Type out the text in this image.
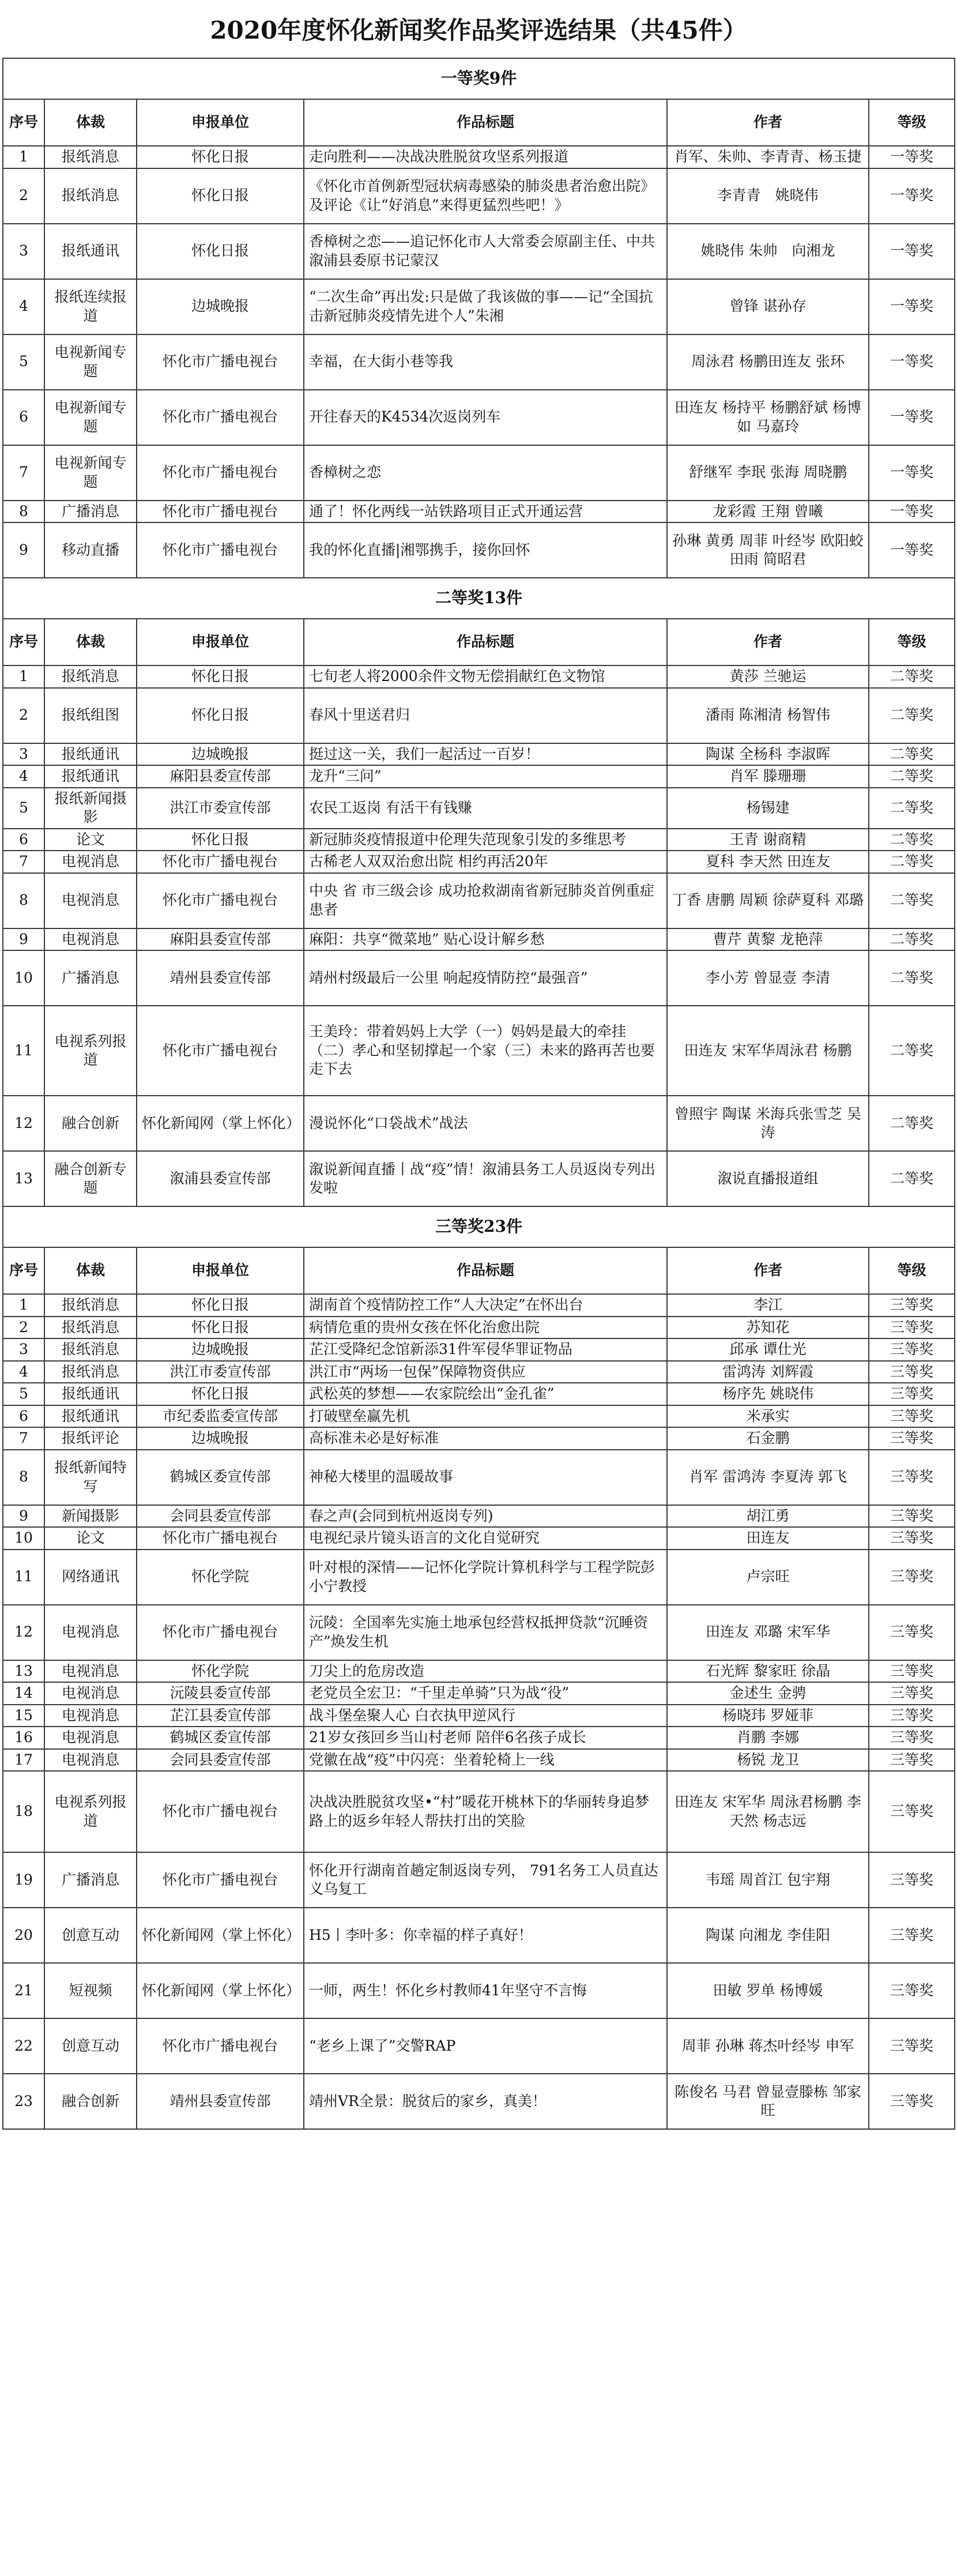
2020年度怀化新闻奖作品奖评选结果（共45件）
一等奖9件					
序号	体裁	申报单位	作品标题	作者	等级
1	报纸消息	怀化日报	走向胜利——决战决胜脱贫攻坚系列报道	肖军、朱帅、李青青、杨玉捷	一等奖
2	报纸消息	怀化日报	《怀化市首例新型冠状病毒感染的肺炎患者治愈出院》及评论《让“好消息”来得更猛烈些吧！》	李青青　姚晓伟	一等奖
3	报纸通讯	怀化日报	香樟树之恋——追记怀化市人大常委会原副主任、中共溆浦县委原书记蒙汉	姚晓伟 朱帅　向湘龙	一等奖
4	报纸连续报道	边城晚报	“二次生命”再出发:只是做了我该做的事——记“全国抗击新冠肺炎疫情先进个人”朱湘	曾锋 谌孙存	一等奖
5	电视新闻专题	怀化市广播电视台	幸福，在大街小巷等我	周泳君 杨鹏田连友 张环	一等奖
6	电视新闻专题	怀化市广播电视台	开往春天的K4534次返岗列车	田连友 杨持平 杨鹏舒斌 杨博如 马嘉玲	一等奖
7	电视新闻专题	怀化市广播电视台	香樟树之恋	舒继军 李珉 张海 周晓鹏	一等奖
8	广播消息	怀化市广播电视台	通了！怀化两线一站铁路项目正式开通运营	龙彩霞 王翔 曾曦	一等奖
9	移动直播	怀化市广播电视台	我的怀化直播|湘鄂携手，接你回怀	孙琳 黄勇 周菲 叶经岑 欧阳蛟 田雨 简昭君	一等奖
二等奖13件					
序号	体裁	申报单位	作品标题	作者	等级
1	报纸消息	怀化日报	七旬老人将2000余件文物无偿捐献红色文物馆	黄莎 兰驰运	二等奖
2	报纸组图	怀化日报	春风十里送君归	潘雨 陈湘清 杨智伟	二等奖
3	报纸通讯	边城晚报	挺过这一关，我们一起活过一百岁！	陶谋 全杨科 李淑晖	二等奖
4	报纸通讯	麻阳县委宣传部	龙升“三问”	肖军 滕珊珊	二等奖
5	报纸新闻摄影	洪江市委宣传部	农民工返岗 有活干有钱赚	杨锡建	二等奖
6	论文	怀化日报	新冠肺炎疫情报道中伦理失范现象引发的多维思考	王青 谢商精	二等奖
7	电视消息	怀化市广播电视台	古稀老人双双治愈出院 相约再活20年	夏科 李天然 田连友	二等奖
8	电视消息	怀化市广播电视台	中央 省 市三级会诊 成功抢救湖南省新冠肺炎首例重症患者	丁香 唐鹏 周颖 徐萨夏科 邓璐	二等奖
9	电视消息	麻阳县委宣传部	麻阳：共享“微菜地” 贴心设计解乡愁	曹芹 黄黎 龙艳萍	二等奖
10	广播消息	靖州县委宣传部	靖州村级最后一公里 响起疫情防控“最强音”	李小芳 曾显壹 李清	二等奖
11	电视系列报道	怀化市广播电视台	王美玲：带着妈妈上大学（一）妈妈是最大的牵挂（二）孝心和坚韧撑起一个家（三）未来的路再苦也要走下去	田连友 宋军华周泳君 杨鹏	二等奖
12	融合创新	怀化新闻网（掌上怀化）	漫说怀化“口袋战术”战法	曾照宇 陶谋 米海兵张雪芝 吴涛	二等奖
13	融合创新专题	溆浦县委宣传部	溆说新闻直播丨战“疫”情！溆浦县务工人员返岗专列出发啦	溆说直播报道组	二等奖
三等奖23件					
序号	体裁	申报单位	作品标题	作者	等级
1	报纸消息	怀化日报	湖南首个疫情防控工作“人大决定”在怀出台	李江	三等奖
2	报纸消息	怀化日报	病情危重的贵州女孩在怀化治愈出院	苏知花	三等奖
3	报纸消息	边城晚报	芷江受降纪念馆新添31件军侵华罪证物品	邱承 谭仕光	三等奖
4	报纸消息	洪江市委宣传部	洪江市“两场一包保”保障物资供应	雷鸿涛 刘辉霞	三等奖
5	报纸通讯	怀化日报	武松英的梦想——农家院绘出“金孔雀”	杨序先 姚晓伟	三等奖
6	报纸通讯	市纪委监委宣传部	打破壁垒赢先机	米承实	三等奖
7	报纸评论	边城晚报	高标准未必是好标准	石金鹏	三等奖
8	报纸新闻特写	鹤城区委宣传部	神秘大楼里的温暖故事	肖军 雷鸿涛 李夏涛 郭飞	三等奖
9	新闻摄影	会同县委宣传部	春之声(会同到杭州返岗专列)	胡江勇	三等奖
10	论文	怀化市广播电视台	电视纪录片镜头语言的文化自觉研究	田连友	三等奖
11	网络通讯	怀化学院	叶对根的深情——记怀化学院计算机科学与工程学院彭小宁教授	卢宗旺	三等奖
12	电视消息	怀化市广播电视台	沅陵：全国率先实施土地承包经营权抵押贷款“沉睡资产”焕发生机	田连友 邓璐 宋军华	三等奖
13	电视消息	怀化学院	刀尖上的危房改造	石光辉 黎家旺 徐晶	三等奖
14	电视消息	沅陵县委宣传部	老党员全宏卫：“千里走单骑”只为战“役”	金述生 金骋	三等奖
15	电视消息	芷江县委宣传部	战斗堡垒聚人心 白衣执甲逆风行	杨晓玮 罗娅菲	三等奖
16	电视消息	鹤城区委宣传部	21岁女孩回乡当山村老师 陪伴6名孩子成长	肖鹏 李娜	三等奖
17	电视消息	会同县委宣传部	党徽在战“疫”中闪亮：坐着轮椅上一线	杨锐 龙卫	三等奖
18	电视系列报道	怀化市广播电视台	决战决胜脱贫攻坚•“村”暖花开桃林下的华丽转身追梦路上的返乡年轻人帮扶打出的笑脸	田连友 宋军华 周泳君杨鹏 李天然 杨志远	三等奖
19	广播消息	怀化市广播电视台	怀化开行湖南首趟定制返岗专列， 791名务工人员直达义乌复工	韦瑶 周首江 包宇翔	三等奖
20	创意互动	怀化新闻网（掌上怀化）	H5丨李叶多：你幸福的样子真好！	陶谋 向湘龙 李佳阳	三等奖
21	短视频	怀化新闻网（掌上怀化）	一师，两生！怀化乡村教师41年坚守不言悔	田敏 罗单 杨博媛	三等奖
22	创意互动	怀化市广播电视台	“老乡上课了”交警RAP	周菲 孙琳 蒋杰叶经岑 申军	三等奖
23	融合创新	靖州县委宣传部	靖州VR全景：脱贫后的家乡，真美！	陈俊名 马君 曾显壹滕栋 邹家旺	三等奖
